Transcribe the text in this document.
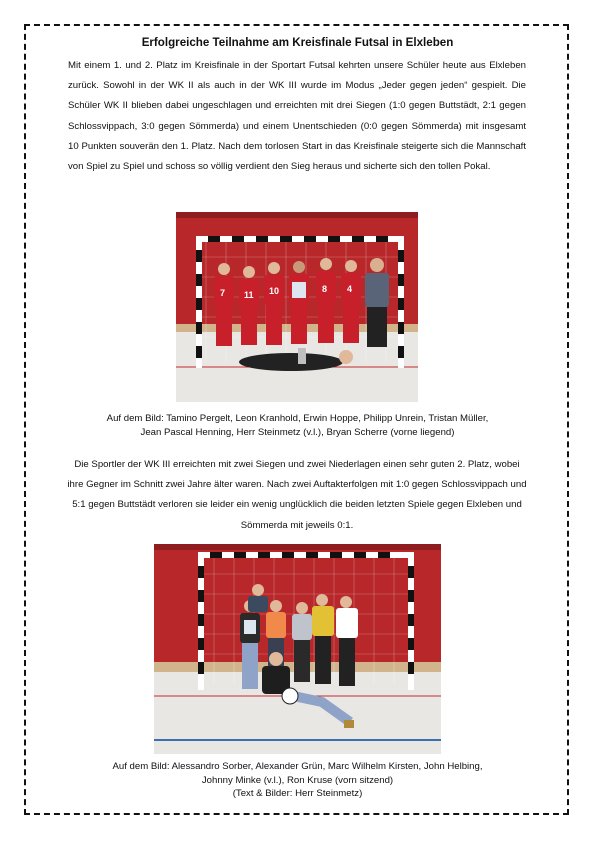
Erfolgreiche Teilnahme am Kreisfinale Futsal in Elxleben
Mit einem 1. und 2. Platz im Kreisfinale in der Sportart Futsal kehrten unsere Schüler heute aus Elxleben zurück. Sowohl in der WK II als auch in der WK III wurde im Modus „Jeder gegen jeden“ gespielt. Die Schüler WK II blieben dabei ungeschlagen und erreichten mit drei Siegen (1:0 gegen Buttstädt, 2:1 gegen Schlossvippach, 3:0 gegen Sömmerda) und einem Unentschieden (0:0 gegen Sömmerda) mit insgesamt 10 Punkten souverän den 1. Platz. Nach dem torlosen Start in das Kreisfinale steigerte sich die Mannschaft von Spiel zu Spiel und schoss so völlig verdient den Sieg heraus und sicherte sich den tollen Pokal.
7 11 10	8 4
Auf dem Bild: Tamino Pergelt, Leon Kranhold, Erwin Hoppe, Philipp Unrein, Tristan Müller,
Jean Pascal Henning, Herr Steinmetz (v.l.), Bryan Scherre (vorne liegend)
Die Sportler der WK III erreichten mit zwei Siegen und zwei Niederlagen einen sehr guten 2. Platz, wobei ihre Gegner im Schnitt zwei Jahre älter waren. Nach zwei Auftakterfolgen mit 1:0 gegen Schlossvippach und 5:1 gegen Buttstädt verloren sie leider ein wenig unglücklich die beiden letzten Spiele gegen Elxleben und Sömmerda mit jeweils 0:1.
Auf dem Bild: Alessandro Sorber, Alexander Grün, Marc Wilhelm Kirsten, John Helbing,
Johnny Minke (v.l.), Ron Kruse (vorn sitzend)
(Text & Bilder: Herr Steinmetz)
